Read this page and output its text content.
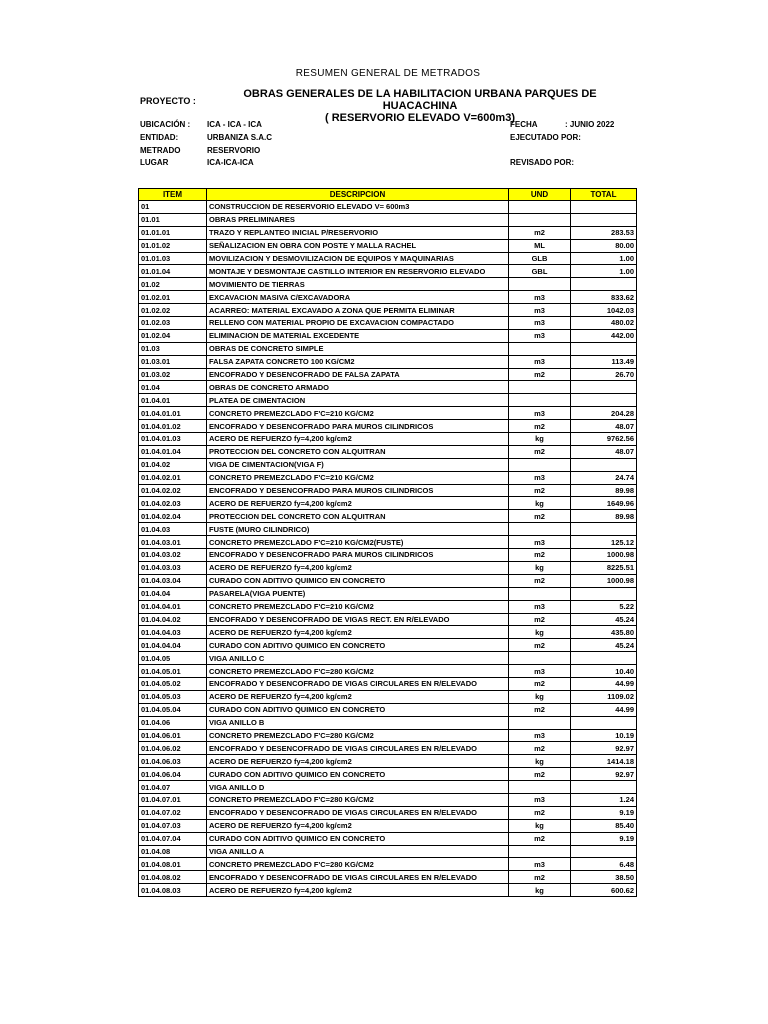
RESUMEN GENERAL DE METRADOS
PROYECTO :
OBRAS GENERALES DE LA HABILITACION URBANA PARQUES DE HUACACHINA
( RESERVORIO ELEVADO V=600m3)
UBICACIÓN : ICA - ICA - ICA
ENTIDAD:	URBANIZA S.A.C
METRADO	RESERVORIO
LUGAR	ICA-ICA-ICA
FECHA	: JUNIO 2022
EJECUTADO POR:
REVISADO POR:
ITEM	DESCRIPCION	UND	TOTAL
01	CONSTRUCCION DE RESERVORIO ELEVADO V= 600m3		
01.01	OBRAS PRELIMINARES		
01.01.01	TRAZO Y REPLANTEO INICIAL P/RESERVORIO	m2	283.53
01.01.02	SEÑALIZACION EN OBRA CON POSTE Y MALLA RACHEL	ML	80.00
01.01.03	MOVILIZACION Y DESMOVILIZACION DE EQUIPOS Y MAQUINARIAS	GLB	1.00
01.01.04	MONTAJE Y DESMONTAJE CASTILLO INTERIOR EN RESERVORIO ELEVADO	GBL	1.00
01.02	MOVIMIENTO DE TIERRAS		
01.02.01	EXCAVACION MASIVA C/EXCAVADORA	m3	833.62
01.02.02	ACARREO: MATERIAL EXCAVADO A ZONA QUE PERMITA ELIMINAR	m3	1042.03
01.02.03	RELLENO CON MATERIAL PROPIO DE EXCAVACION COMPACTADO	m3	480.02
01.02.04	ELIMINACION DE MATERIAL EXCEDENTE	m3	442.00
01.03	OBRAS DE CONCRETO SIMPLE		
01.03.01	FALSA ZAPATA CONCRETO 100 KG/CM2	m3	113.49
01.03.02	ENCOFRADO Y DESENCOFRADO DE FALSA ZAPATA	m2	26.70
01.04	OBRAS DE CONCRETO ARMADO		
01.04.01	PLATEA DE CIMENTACION		
01.04.01.01	CONCRETO PREMEZCLADO F'C=210 KG/CM2	m3	204.28
01.04.01.02	ENCOFRADO Y DESENCOFRADO PARA MUROS CILINDRICOS	m2	48.07
01.04.01.03	ACERO DE REFUERZO fy=4,200 kg/cm2	kg	9762.56
01.04.01.04	PROTECCION DEL CONCRETO CON ALQUITRAN	m2	48.07
01.04.02	VIGA DE CIMENTACION(VIGA F)		
01.04.02.01	CONCRETO PREMEZCLADO F'C=210 KG/CM2	m3	24.74
01.04.02.02	ENCOFRADO Y DESENCOFRADO PARA MUROS CILINDRICOS	m2	89.98
01.04.02.03	ACERO DE REFUERZO fy=4,200 kg/cm2	kg	1649.96
01.04.02.04	PROTECCION DEL CONCRETO CON ALQUITRAN	m2	89.98
01.04.03	FUSTE (MURO CILINDRICO)		
01.04.03.01	CONCRETO PREMEZCLADO F'C=210 KG/CM2(FUSTE)	m3	125.12
01.04.03.02	ENCOFRADO Y DESENCOFRADO PARA MUROS CILINDRICOS	m2	1000.98
01.04.03.03	ACERO DE REFUERZO fy=4,200 kg/cm2	kg	8225.51
01.04.03.04	CURADO CON ADITIVO QUIMICO EN CONCRETO	m2	1000.98
01.04.04	PASARELA(VIGA PUENTE)		
01.04.04.01	CONCRETO PREMEZCLADO F'C=210 KG/CM2	m3	5.22
01.04.04.02	ENCOFRADO Y DESENCOFRADO DE VIGAS RECT. EN R/ELEVADO	m2	45.24
01.04.04.03	ACERO DE REFUERZO fy=4,200 kg/cm2	kg	435.80
01.04.04.04	CURADO CON ADITIVO QUIMICO EN CONCRETO	m2	45.24
01.04.05	VIGA ANILLO C		
01.04.05.01	CONCRETO PREMEZCLADO F'C=280 KG/CM2	m3	10.40
01.04.05.02	ENCOFRADO Y DESENCOFRADO DE VIGAS CIRCULARES EN R/ELEVADO	m2	44.99
01.04.05.03	ACERO DE REFUERZO fy=4,200 kg/cm2	kg	1109.02
01.04.05.04	CURADO CON ADITIVO QUIMICO EN CONCRETO	m2	44.99
01.04.06	VIGA ANILLO B		
01.04.06.01	CONCRETO PREMEZCLADO F'C=280 KG/CM2	m3	10.19
01.04.06.02	ENCOFRADO Y DESENCOFRADO DE VIGAS CIRCULARES EN R/ELEVADO	m2	92.97
01.04.06.03	ACERO DE REFUERZO fy=4,200 kg/cm2	kg	1414.18
01.04.06.04	CURADO CON ADITIVO QUIMICO EN CONCRETO	m2	92.97
01.04.07	VIGA ANILLO D		
01.04.07.01	CONCRETO PREMEZCLADO F'C=280 KG/CM2	m3	1.24
01.04.07.02	ENCOFRADO Y DESENCOFRADO DE VIGAS CIRCULARES EN R/ELEVADO	m2	9.19
01.04.07.03	ACERO DE REFUERZO fy=4,200 kg/cm2	kg	85.40
01.04.07.04	CURADO CON ADITIVO QUIMICO EN CONCRETO	m2	9.19
01.04.08	VIGA ANILLO A		
01.04.08.01	CONCRETO PREMEZCLADO F'C=280 KG/CM2	m3	6.48
01.04.08.02	ENCOFRADO Y DESENCOFRADO DE VIGAS CIRCULARES EN R/ELEVADO	m2	38.50
01.04.08.03	ACERO DE REFUERZO fy=4,200 kg/cm2	kg	600.62
